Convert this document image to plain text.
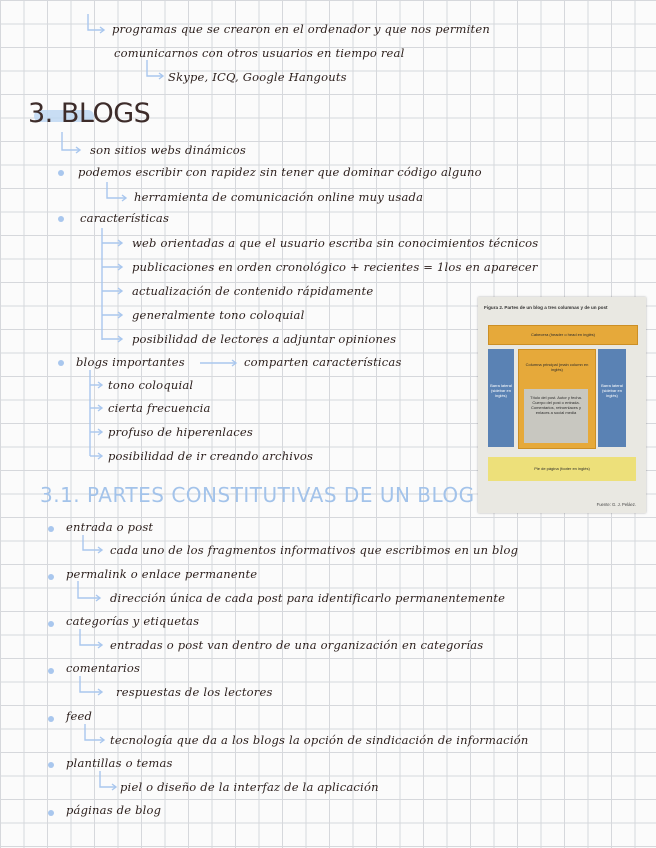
programas que se crearon en el ordenador y que nos permiten
comunicarnos con otros usuarios en tiempo real
Skype, ICQ, Google Hangouts
3. BLOGS
son sitios webs dinámicos
podemos escribir con rapidez sin tener que dominar código alguno
herramienta de comunicación online muy usada
características
web orientadas a que el usuario escriba sin conocimientos técnicos
publicaciones en orden cronológico + recientes = 1los en aparecer
actualización de contenido rápidamente
generalmente tono coloquial
posibilidad de lectores a adjuntar opiniones
blogs importantes	comparten características
tono coloquial
cierta frecuencia
profuso de hiperenlaces
posibilidad de ir creando archivos
3.1. PARTES CONSTITUTIVAS DE UN BLOG
entrada o post
cada uno de los fragmentos informativos que escribimos en un blog
permalink o enlace permanente
dirección única de cada post para identificarlo permanentemente
categorías y etiquetas
entradas o post van dentro de una organización en categorías
comentarios
respuestas de los lectores
feed
tecnología que da a los blogs la opción de sindicación de información
plantillas o temas
piel o diseño de la interfaz de la aplicación
páginas de blog
Figura 2. Partes de un blog a tres columnas y de un post
Cabecera (header o head en inglés)
Barra lateral (sidebar en inglés)
Columna principal (main column en inglés)
Título del post. Autor y fecha. Cuerpo del post o entrada. Comentarios, retroenlaces y enlaces a social media
Barra lateral (sidebar en inglés)
Pie de página (footer en inglés)
Fuente: G. J. Peláez.
